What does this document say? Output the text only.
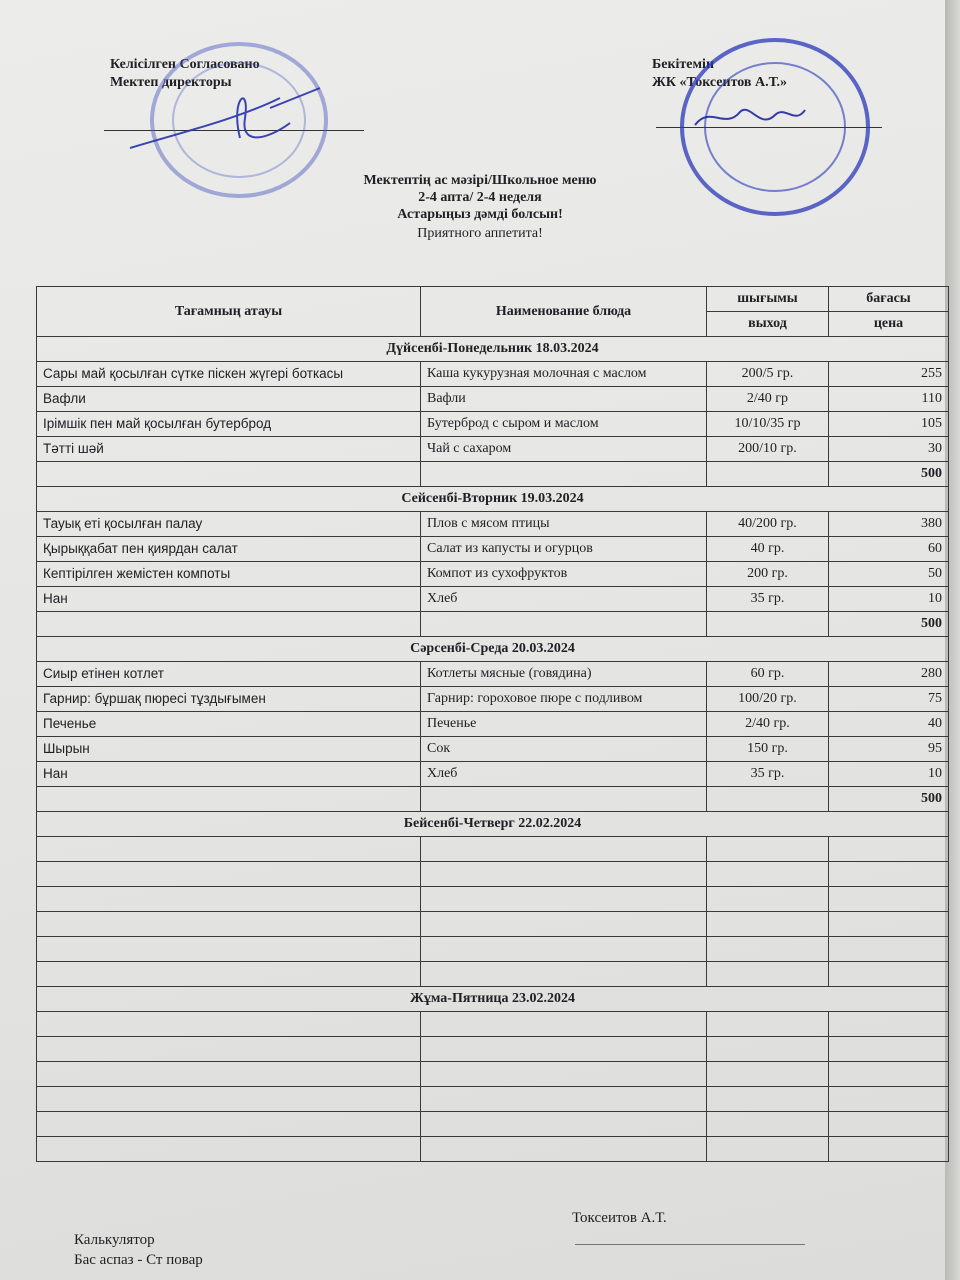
Келісілген Согласовано
Мектеп директоры
Бекітемін
ЖК «Токсеитов А.Т.»
Мектептің ас мәзірі/Школьное меню
2-4 апта/ 2-4 неделя
Астарыңыз дәмді болсын!
Приятного аппетита!
Тағамның атауы	Наименование блюда	шығымы	бағасы
		выход	цена
Дүйсенбі-Понедельник 18.03.2024			
Сары май қосылған сүтке піскен жүгері боткасы	Каша кукурузная молочная с маслом	200/5 гр.	255
Вафли	Вафли	2/40 гр	110
Ірімшік пен май қосылған бутерброд	Бутерброд с сыром и маслом	10/10/35 гр	105
Тәтті шәй	Чай с сахаром	200/10 гр.	30
			500
Сейсенбі-Вторник 19.03.2024			
Тауық еті қосылған палау	Плов с мясом птицы	40/200 гр.	380
Қырыққабат пен қиярдан салат	Салат из капусты и огурцов	40 гр.	60
Кептірілген жемістен компоты	Компот из сухофруктов	200 гр.	50
Нан	Хлеб	35 гр.	10
			500
Сәрсенбі-Среда 20.03.2024			
Сиыр етінен котлет	Котлеты мясные (говядина)	60 гр.	280
Гарнир: бұршақ пюресі тұздығымен	Гарнир: гороховое пюре с подливом	100/20 гр.	75
Печенье	Печенье	2/40 гр.	40
Шырын	Сок	150 гр.	95
Нан	Хлеб	35 гр.	10
			500
Бейсенбі-Четверг 22.02.2024			

Жұма-Пятница 23.02.2024			

Токсеитов А.Т.
Калькулятор
Бас аспаз - Ст повар
